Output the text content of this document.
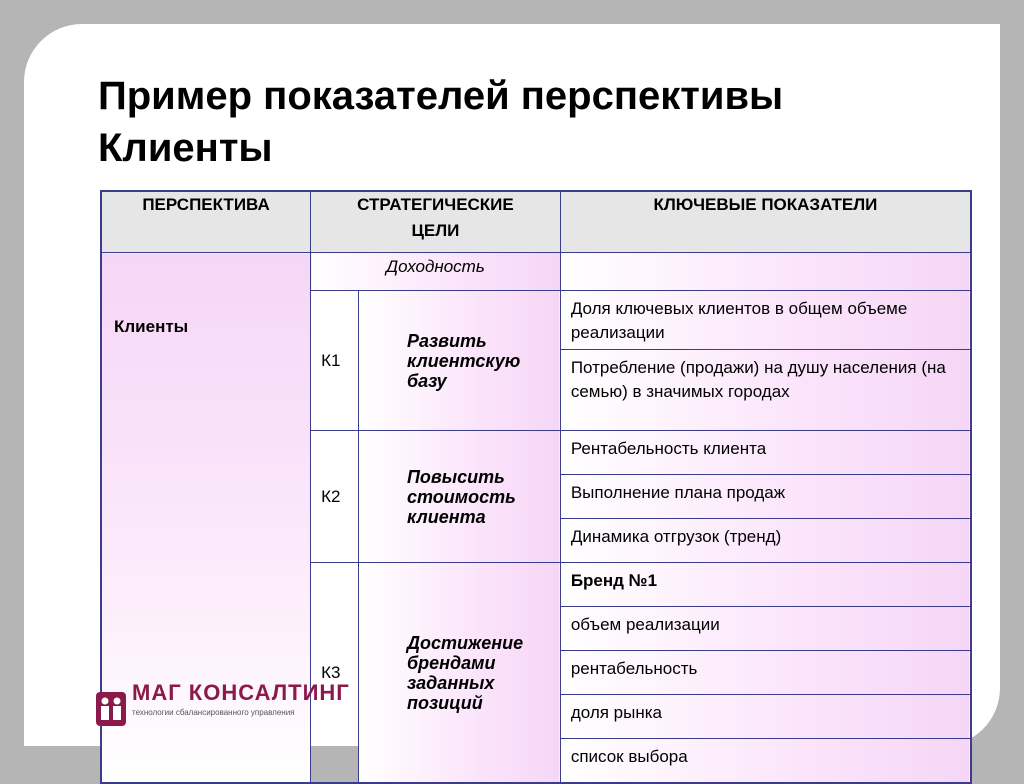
Пример показателей перспективы
Клиенты
ПЕРСПЕКТИВА	СТРАТЕГИЧЕСКИЕ ЦЕЛИ		КЛЮЧЕВЫЕ ПОКАЗАТЕЛИ
Клиенты	Доходность		
	К1	Развить клиентскую базу	Доля ключевых клиентов в общем объеме реализации

			Потребление (продажи) на душу населения (на семью) в значимых городах
	К2	Повысить стоимость клиента	Рентабельность клиента
			Выполнение плана продаж
			Динамика отгрузок (тренд)
	К3	Достижение брендами заданных позиций	Бренд №1
			объем реализации
			рентабельность
			доля рынка
			список выбора
МАГ КОНСАЛТИНГ
технологии сбалансированного управления
